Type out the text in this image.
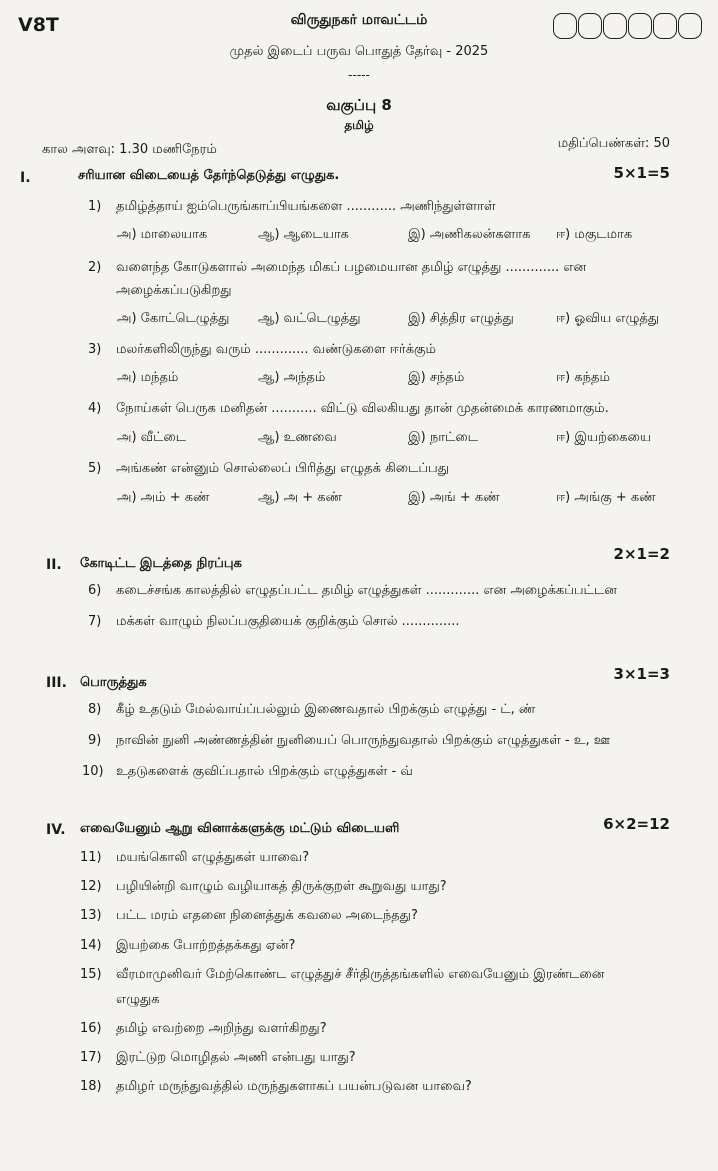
V8T	விருதுநகர் மாவட்டம்
முதல் இடைப் பருவ பொதுத் தேர்வு - 2025
-----
வகுப்பு 8
தமிழ்
கால அளவு: 1.30 மணிநேரம்	மதிப்பெண்கள்: 50
I.	சரியான விடையைத் தேர்ந்தெடுத்து எழுதுக.	5×1=5
1) தமிழ்த்தாய் ஐம்பெருங்காப்பியங்களை ............ அணிந்துள்ளாள்
அ) மாலையாக	ஆ) ஆடையாக	இ) அணிகலன்களாக ஈ) மகுடமாக
2) வளைந்த கோடுகளால் அமைந்த மிகப் பழமையான தமிழ் எழுத்து ............. என
அழைக்கப்படுகிறது
அ) கோட்டெழுத்து ஆ) வட்டெழுத்து	இ) சித்திர எழுத்து	ஈ) ஓவிய எழுத்து
3) மலர்களிலிருந்து வரும் ............. வண்டுகளை ஈர்க்கும்
அ) மந்தம்	ஆ) அந்தம்	இ) சந்தம்	ஈ) கந்தம்
4) நோய்கள் பெருக மனிதன் ........... விட்டு விலகியது தான் முதன்மைக் காரணமாகும்.
அ) வீட்டை	ஆ) உணவை	இ) நாட்டை	ஈ) இயற்கையை
5) அங்கண் என்னும் சொல்லைப் பிரித்து எழுதக் கிடைப்பது
அ) அம் + கண்	ஆ) அ + கண்	இ) அங் + கண்	ஈ) அங்கு + கண்
II. கோடிட்ட இடத்தை நிரப்புக
2×1=2
6) கடைச்சங்க காலத்தில் எழுதப்பட்ட தமிழ் எழுத்துகள் ............. என அழைக்கப்பட்டன
7) மக்கள் வாழும் நிலப்பகுதியைக் குறிக்கும் சொல் ..............
III. பொருத்துக	3×1=3
8) கீழ் உதடும் மேல்வாய்ப்பல்லும் இணைவதால் பிறக்கும் எழுத்து - ட், ண்
9) நாவின் நுனி அண்ணத்தின் நுனியைப் பொருந்துவதால் பிறக்கும் எழுத்துகள் - உ, ஊ
10) உதடுகளைக் குவிப்பதால் பிறக்கும் எழுத்துகள் - வ்
IV. எவையேனும் ஆறு வினாக்களுக்கு மட்டும் விடையளி	6×2=12
11) மயங்கொலி எழுத்துகள் யாவை?
12) பழியின்றி வாழும் வழியாகத் திருக்குறள் கூறுவது யாது?
13) பட்ட மரம் எதனை நினைத்துக் கவலை அடைந்தது?
14) இயற்கை போற்றத்தக்கது ஏன்?
15) வீரமாமுனிவர் மேற்கொண்ட எழுத்துச் சீர்திருத்தங்களில் எவையேனும் இரண்டனை
எழுதுக
16) தமிழ் எவற்றை அறிந்து வளர்கிறது?
17) இரட்டுற மொழிதல் அணி என்பது யாது?
18) தமிழர் மருந்துவத்தில் மருந்துகளாகப் பயன்படுவன யாவை?
